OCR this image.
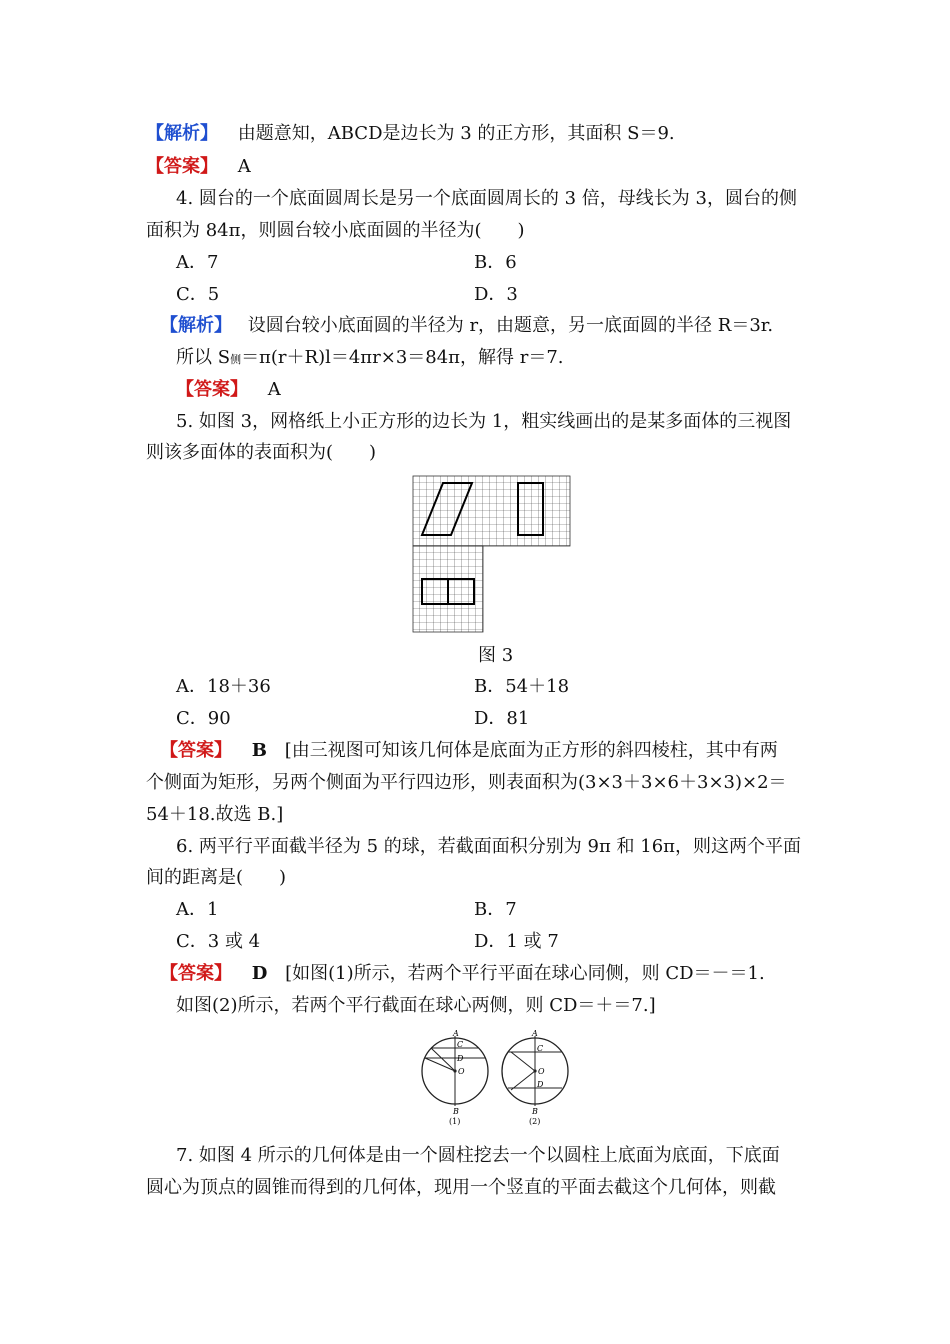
【解析】 由题意知，ABCD是边长为 3 的正方形，其面积 S＝9.
【答案】 A
4. 圆台的一个底面圆周长是另一个底面圆周长的 3 倍，母线长为 3，圆台的侧
面积为 84π，则圆台较小底面圆的半径为(　　)
A．7	B．6
C．5	D．3
【解析】 设圆台较小底面圆的半径为 r，由题意，另一底面圆的半径 R＝3r.
所以 S侧＝π(r＋R)l＝4πr×3＝84π，解得 r＝7.
【答案】 A
5. 如图 3，网格纸上小正方形的边长为 1，粗实线画出的是某多面体的三视图
则该多面体的表面积为(　　)
图 3
A．18＋36	B．54＋18
C．90	D．81
【答案】 B [由三视图可知该几何体是底面为正方形的斜四棱柱，其中有两
个侧面为矩形，另两个侧面为平行四边形，则表面积为(3×3＋3×6＋3×3)×2＝
54＋18.故选 B.]
6. 两平行平面截半径为 5 的球，若截面面积分别为 9π 和 16π，则这两个平面
间的距离是(　　)
A．1	B．7
C．3 或 4	D．1 或 7
【答案】 D [如图(1)所示，若两个平行平面在球心同侧，则 CD＝－＝1.
如图(2)所示，若两个平行截面在球心两侧，则 CD＝＋＝7.]
A
C
D
O
B
(1)
A
C
O
D
B
(2)
7. 如图 4 所示的几何体是由一个圆柱挖去一个以圆柱上底面为底面，下底面
圆心为顶点的圆锥而得到的几何体，现用一个竖直的平面去截这个几何体，则截
